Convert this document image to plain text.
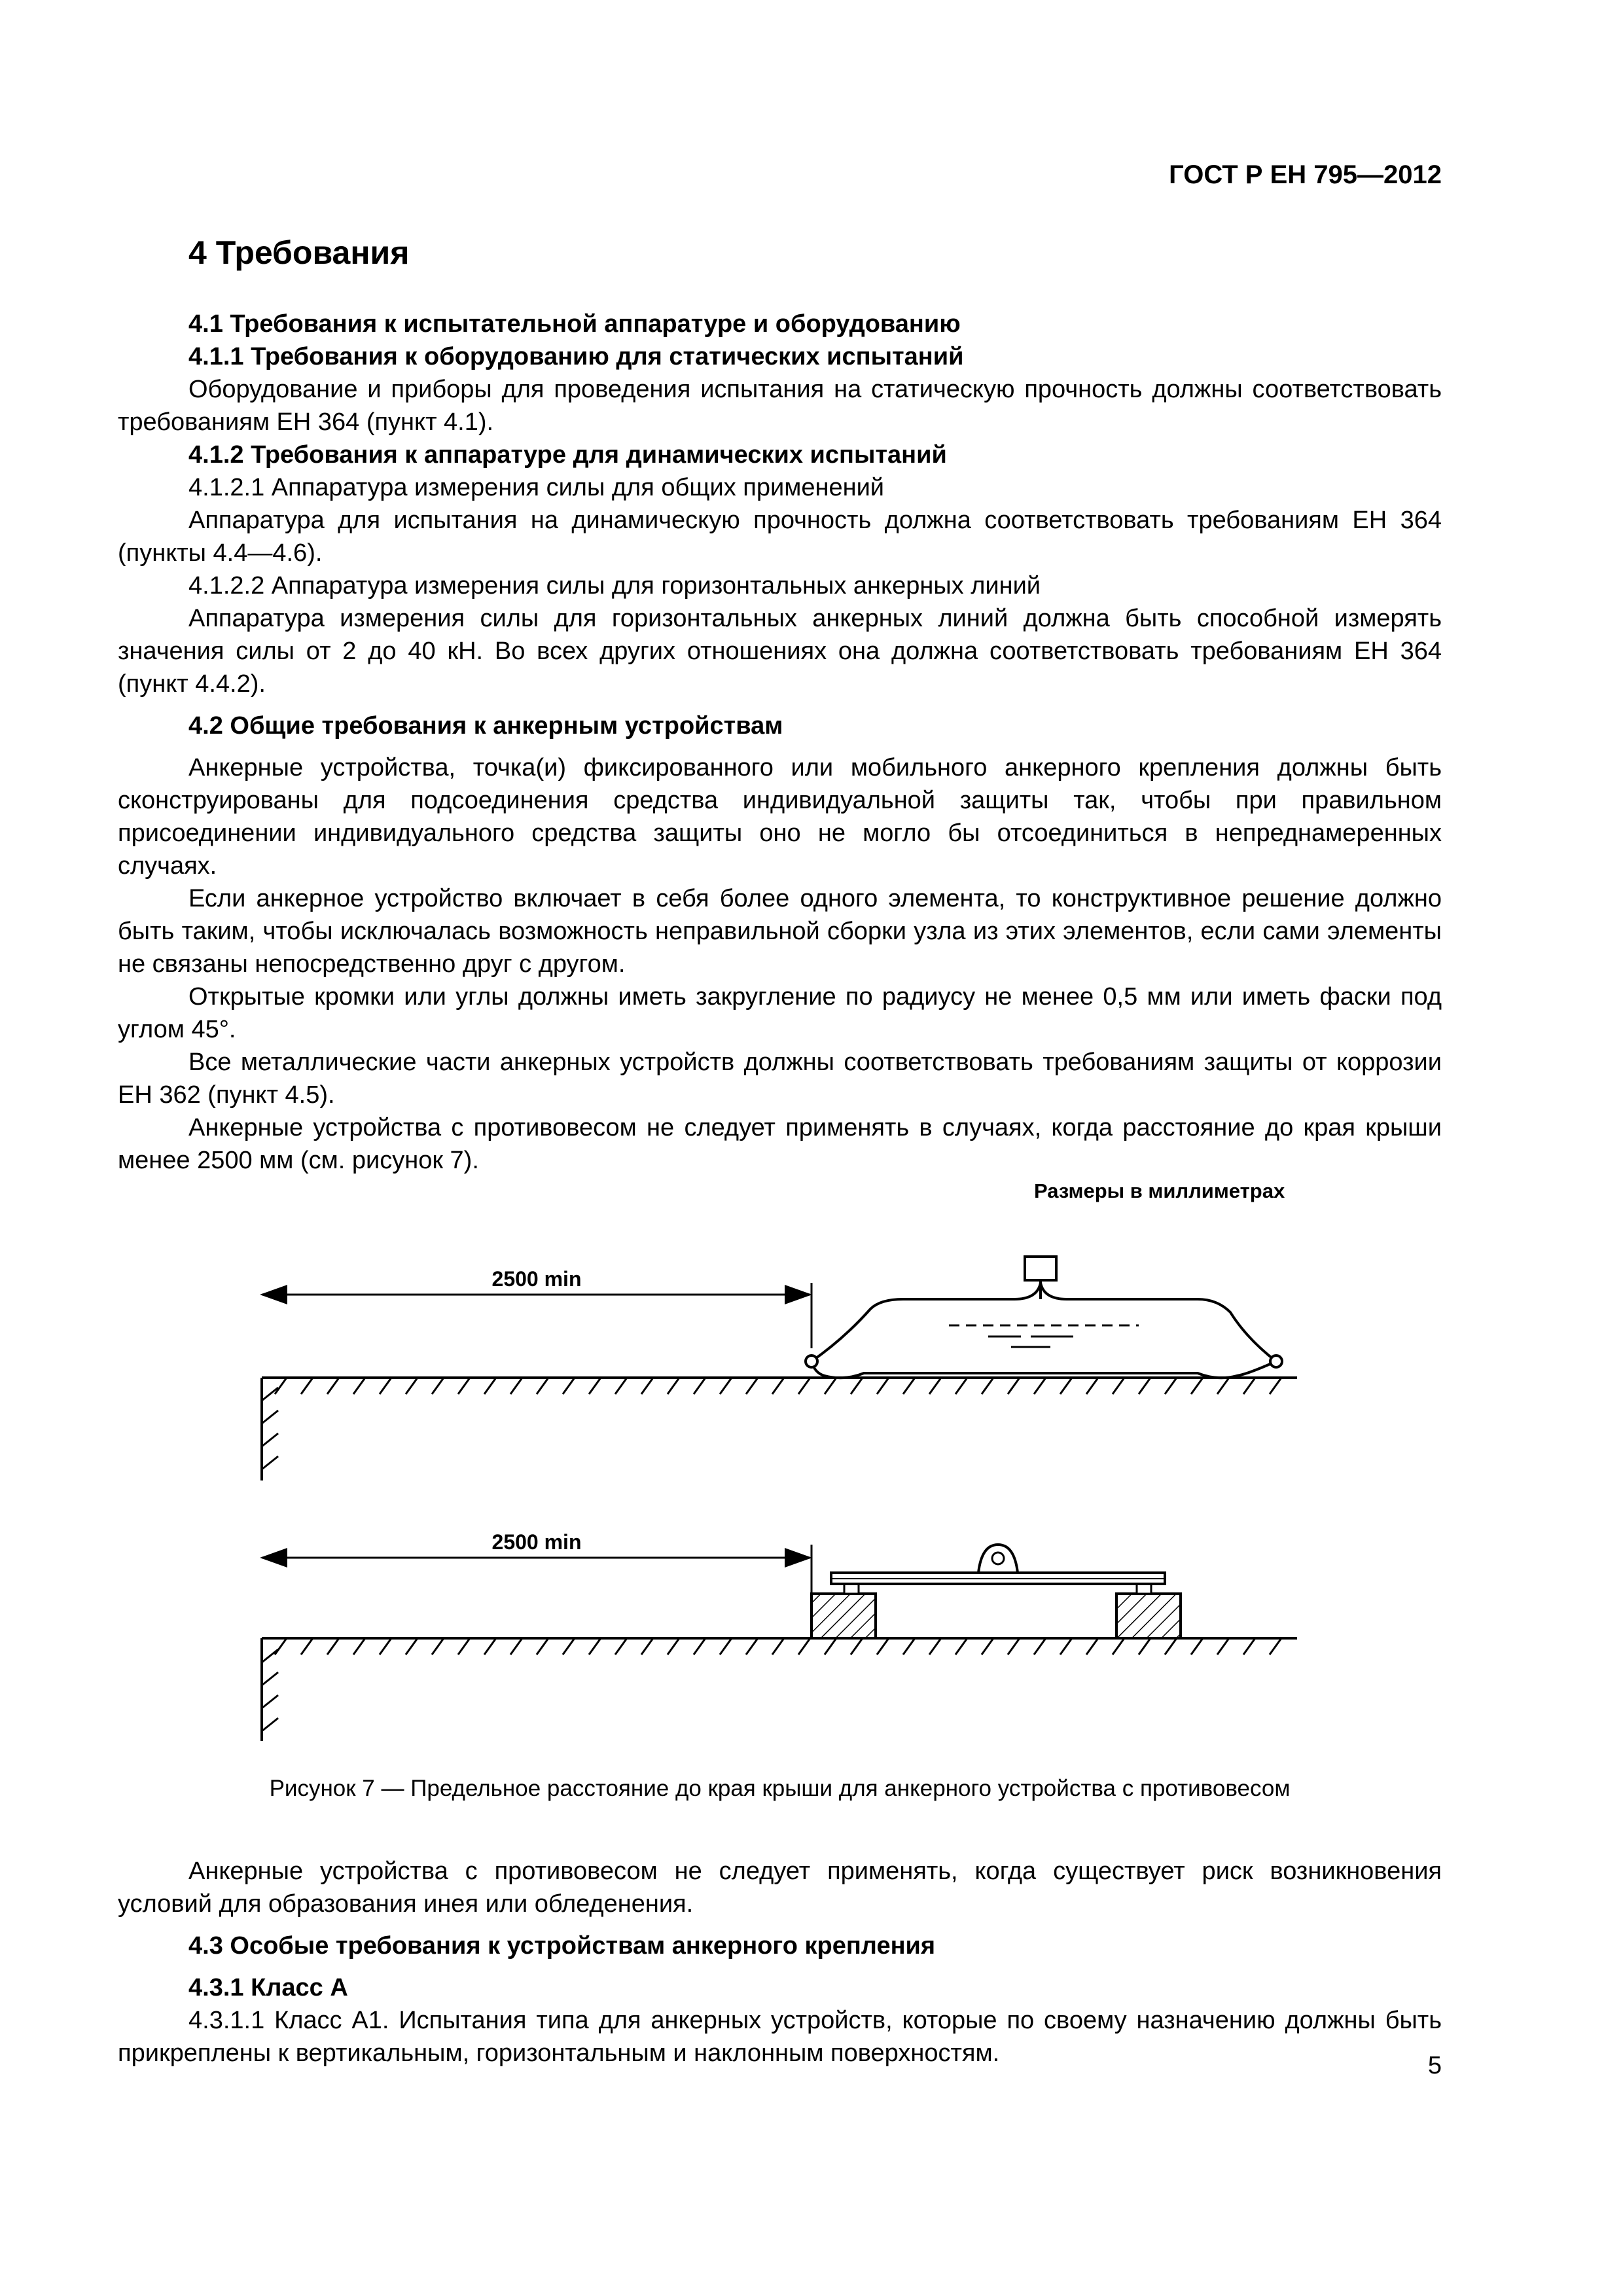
ГОСТ Р ЕН 795—2012
4 Требования

4.1 Требования к испытательной аппаратуре и оборудованию

4.1.1 Требования к оборудованию для статических испытаний

Оборудование и приборы для проведения испытания на статическую прочность должны соответствовать требованиям ЕН 364 (пункт 4.1).

4.1.2 Требования к аппаратуре для динамических испытаний

4.1.2.1 Аппаратура измерения силы для общих применений

Аппаратура для испытания на динамическую прочность должна соответствовать требованиям ЕН 364 (пункты 4.4—4.6).

4.1.2.2 Аппаратура измерения силы для горизонтальных анкерных линий

Аппаратура измерения силы для горизонтальных анкерных линий должна быть способной измерять значения силы от 2 до 40 кН. Во всех других отношениях она должна соответствовать требованиям ЕН 364 (пункт 4.4.2).

4.2 Общие требования к анкерным устройствам

Анкерные устройства, точка(и) фиксированного или мобильного анкерного крепления должны быть сконструированы для подсоединения средства индивидуальной защиты так, чтобы при правильном присоединении индивидуального средства защиты оно не могло бы отсоединиться в непреднамеренных случаях.

Если анкерное устройство включает в себя более одного элемента, то конструктивное решение должно быть таким, чтобы исключалась возможность неправильной сборки узла из этих элементов, если сами элементы не связаны непосредственно друг с другом.

Открытые кромки или углы должны иметь закругление по радиусу не менее 0,5 мм или иметь фаски под углом 45°.

Все металлические части анкерных устройств должны соответствовать требованиям защиты от коррозии ЕН 362 (пункт 4.5).

Анкерные устройства с противовесом не следует применять в случаях, когда расстояние до края крыши менее 2500 мм (см. рисунок 7).

Размеры в миллиметрах
2500 min
2500 min
Рисунок 7 — Предельное расстояние до края крыши для анкерного устройства с противовесом

Анкерные устройства с противовесом не следует применять, когда существует риск возникновения условий для образования инея или обледенения.

4.3 Особые требования к устройствам анкерного крепления

4.3.1 Класс А

4.3.1.1 Класс А1. Испытания типа для анкерных устройств, которые по своему назначению должны быть прикреплены к вертикальным, горизонтальным и наклонным поверхностям.	5
